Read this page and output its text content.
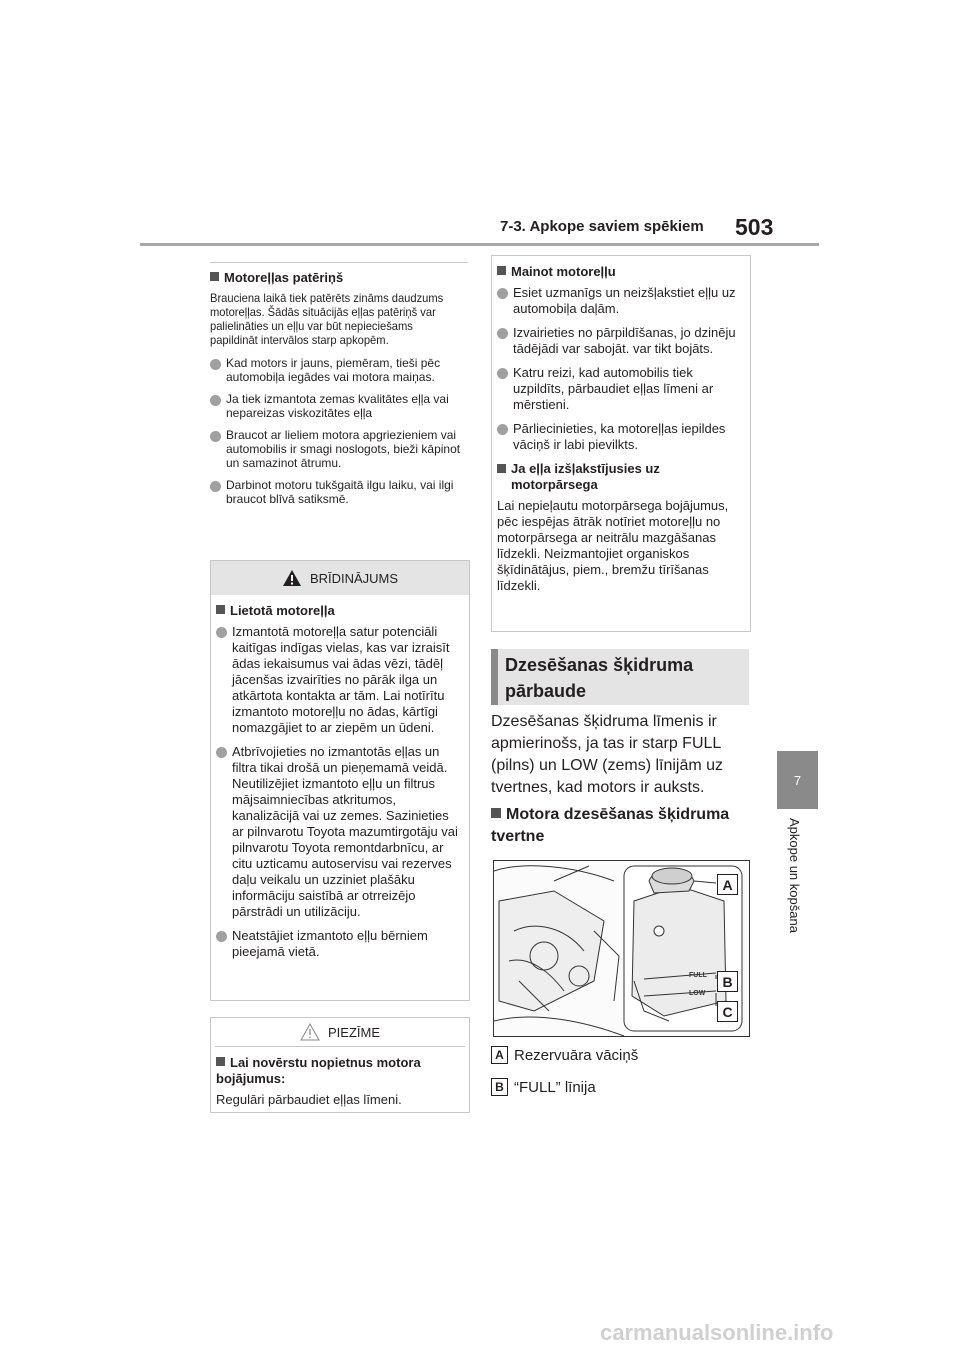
7-3. Apkope saviem spēkiem 503
7
Apkope un kopšana
Motoreļļas patēriņš

Brauciena laikā tiek patērēts zināms daudzums motoreļļas. Šādās situācijās eļļas patēriņš var palielināties un eļļu var būt nepieciešams papildināt intervālos starp apkopēm.

Kad motors ir jauns, piemēram, tieši pēc automobiļa iegādes vai motora maiņas.
Ja tiek izmantota zemas kvalitātes eļļa vai nepareizas viskozitātes eļļa
Braucot ar lieliem motora apgriezieniem vai automobilis ir smagi noslogots, bieži kāpinot un samazinot ātrumu.
Darbinot motoru tukšgaitā ilgu laiku, vai ilgi braucot blīvā satiksmē.
BRĪDINĀJUMS
Lietotā motoreļļa
Izmantotā motoreļļa satur potenciāli kaitīgas indīgas vielas, kas var izraisīt ādas iekaisumus vai ādas vēzi, tādēļ jācenšas izvairīties no pārāk ilga un atkārtota kontakta ar tām. Lai notīrītu izmantoto motoreļļu no ādas, kārtīgi nomazgājiet to ar ziepēm un ūdeni.
Atbrīvojieties no izmantotās eļļas un filtra tikai drošā un pieņemamā veidā. Neutilizējiet izmantoto eļļu un filtrus mājsaimniecības atkritumos, kanalizācijā vai uz zemes. Sazinieties ar pilnvarotu Toyota mazumtirgotāju vai pilnvarotu Toyota remontdarbnīcu, ar citu uzticamu autoservisu vai rezerves daļu veikalu un uzziniet plašāku informāciju saistībā ar otrreizējo pārstrādi un utilizāciju.
Neatstājiet izmantoto eļļu bērniem pieejamā vietā.
PIEZĪME
Lai novērstu nopietnus motora bojājumus:
Regulāri pārbaudiet eļļas līmeni.
Mainot motoreļļu
Esiet uzmanīgs un neizšļakstiet eļļu uz automobiļa daļām.
Izvairieties no pārpildīšanas, jo dzinēju tādējādi var sabojāt. var tikt bojāts.
Katru reizi, kad automobilis tiek uzpildīts, pārbaudiet eļļas līmeni ar mērstieni.
Pārliecinieties, ka motoreļļas iepildes vāciņš ir labi pievilkts.
Ja eļļa izšļakstījusies uz motorpārsega
Lai nepieļautu motorpārsega bojājumus, pēc iespējas ātrāk notīriet motoreļļu no motorpārsega ar neitrālu mazgāšanas līdzekli. Neizmantojiet organiskos šķīdinātājus, piem., bremžu tīrīšanas līdzekli.
Dzesēšanas šķidruma
pārbaude
Dzesēšanas šķidruma līmenis ir apmierinošs, ja tas ir starp FULL (pilns) un LOW (zems) līnijām uz tvertnes, kad motors ir auksts.
Motora dzesēšanas šķidruma tvertne
FULL
LOW
A
B
C
A Rezervuāra vāciņš
B “FULL” līnija
carmanualsonline.info
